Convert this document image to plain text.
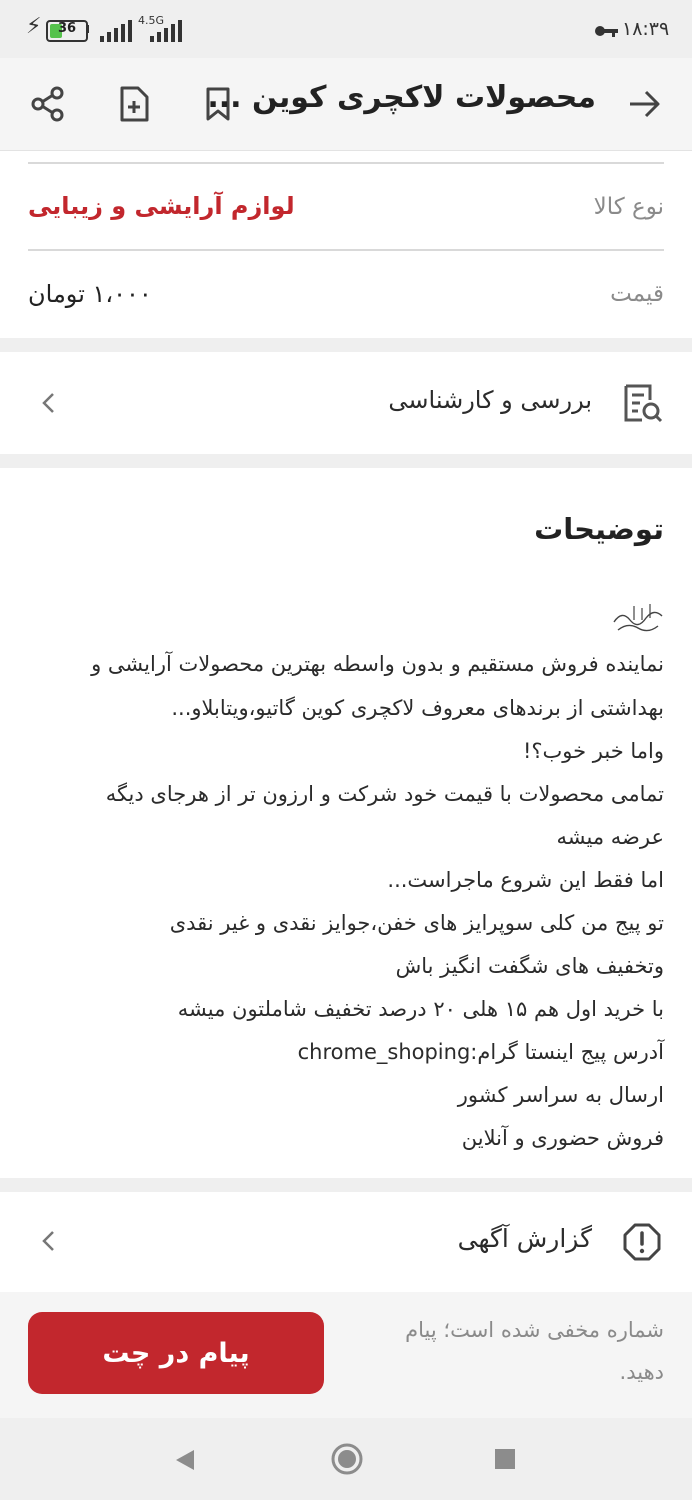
⚡	36
4.5G	۱۸:۳۹
محصولات لاکچری کوین ...
نوع کالا
لوازم آرایشی و زیبایی
قیمت
۱،۰۰۰ تومان
بررسی و کارشناسی
توضیحات
نماینده فروش مستقیم و بدون واسطه بهترین محصولات آرایشی و
بهداشتی از برندهای معروف لاکچری کوین گاتیو،ویتابلاو...
واما خبر خوب؟!
تمامی محصولات با قیمت خود شرکت و ارزون تر از هرجای دیگه
عرضه میشه
اما فقط این شروع ماجراست...
تو پیج من کلی سوپرایز های خفن،جوایز نقدی و غیر نقدی
وتخفیف های شگفت انگیز باش
با خرید اول هم ۱۵ هلی ۲۰ درصد تخفیف شاملتون میشه
آدرس پیج اینستا گرام:chrome_shoping
ارسال به سراسر کشور
فروش حضوری و آنلاین
گزارش آگهی
شماره مخفی شده است؛ پیام
دهید.
پیام در چت
